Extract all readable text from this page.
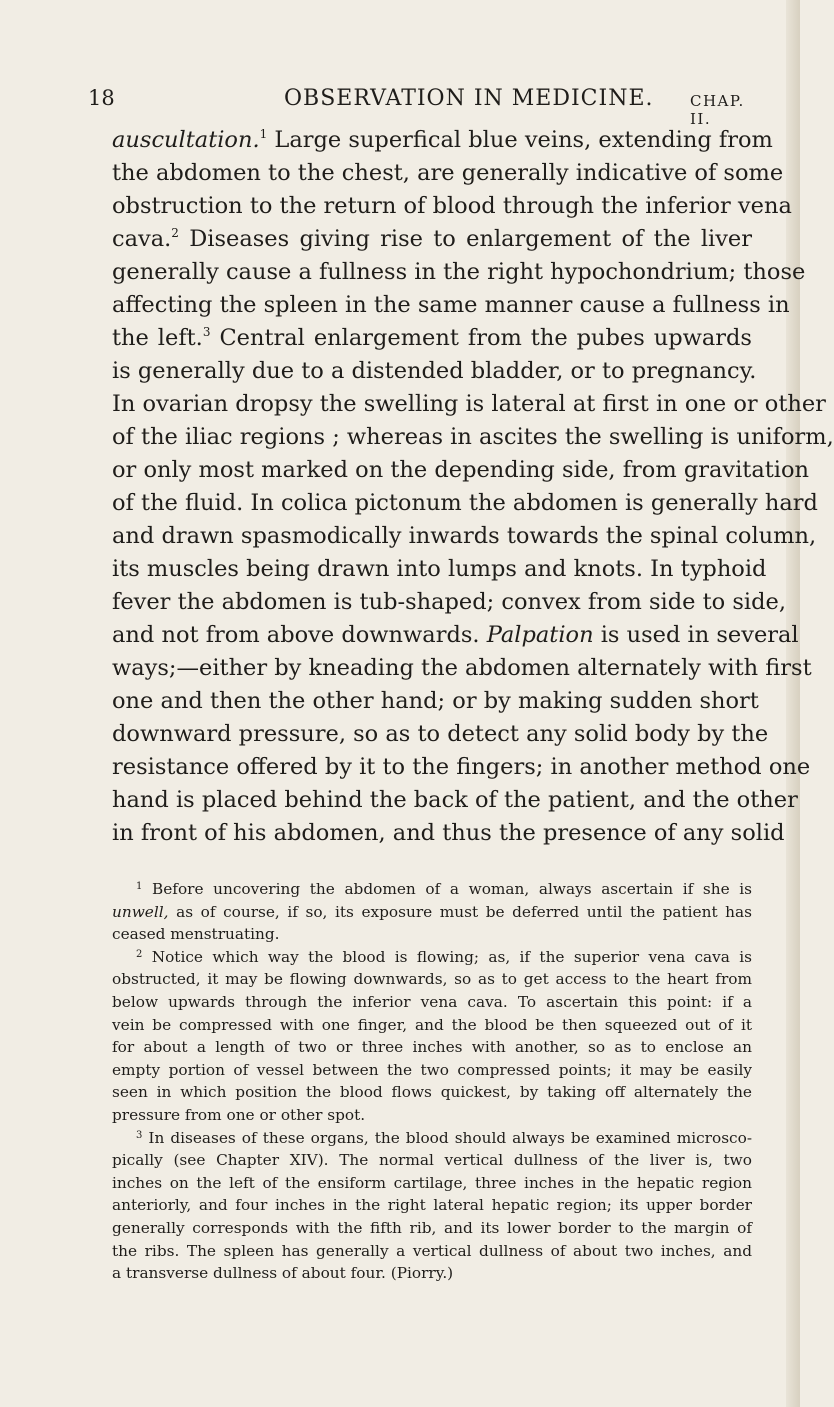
18	OBSERVATION IN MEDICINE. CHAP. II.
auscultation.$^1$ Large superfical blue veins, extending from
the abdomen to the chest, are generally indicative of some
obstruction to the return of blood through the inferior vena
cava.$^2$ Diseases giving rise to enlargement of the liver
generally cause a fullness in the right hypochondrium; those
affecting the spleen in the same manner cause a fullness in
the left.$^3$ Central enlargement from the pubes upwards
is generally due to a distended bladder, or to pregnancy.
In ovarian dropsy the swelling is lateral at first in one or other
of the iliac regions ; whereas in ascites the swelling is uniform,
or only most marked on the depending side, from gravitation
of the fluid. In colica pictonum the abdomen is generally hard
and drawn spasmodically inwards towards the spinal column,
its muscles being drawn into lumps and knots. In typhoid
fever the abdomen is tub-shaped; convex from side to side,
and not from above downwards. Palpation is used in several
ways;—either by kneading the abdomen alternately with first
one and then the other hand; or by making sudden short
downward pressure, so as to detect any solid body by the
resistance offered by it to the fingers; in another method one
hand is placed behind the back of the patient, and the other
in front of his abdomen, and thus the presence of any solid
$^1$ Before uncovering the abdomen of a woman, always ascertain if she is
unwell, as of course, if so, its exposure must be deferred until the patient has
ceased menstruating.
$^2$ Notice which way the blood is flowing; as, if the superior vena cava is
obstructed, it may be flowing downwards, so as to get access to the heart from
below upwards through the inferior vena cava. To ascertain this point: if a
vein be compressed with one finger, and the blood be then squeezed out of it
for about a length of two or three inches with another, so as to enclose an
empty portion of vessel between the two compressed points; it may be easily
seen in which position the blood flows quickest, by taking off alternately the
pressure from one or other spot.
$^3$ In diseases of these organs, the blood should always be examined microsco-
pically (see Chapter XIV). The normal vertical dullness of the liver is, two
inches on the left of the ensiform cartilage, three inches in the hepatic region
anteriorly, and four inches in the right lateral hepatic region; its upper border
generally corresponds with the fifth rib, and its lower border to the margin of
the ribs. The spleen has generally a vertical dullness of about two inches, and
a transverse dullness of about four. (Piorry.)
